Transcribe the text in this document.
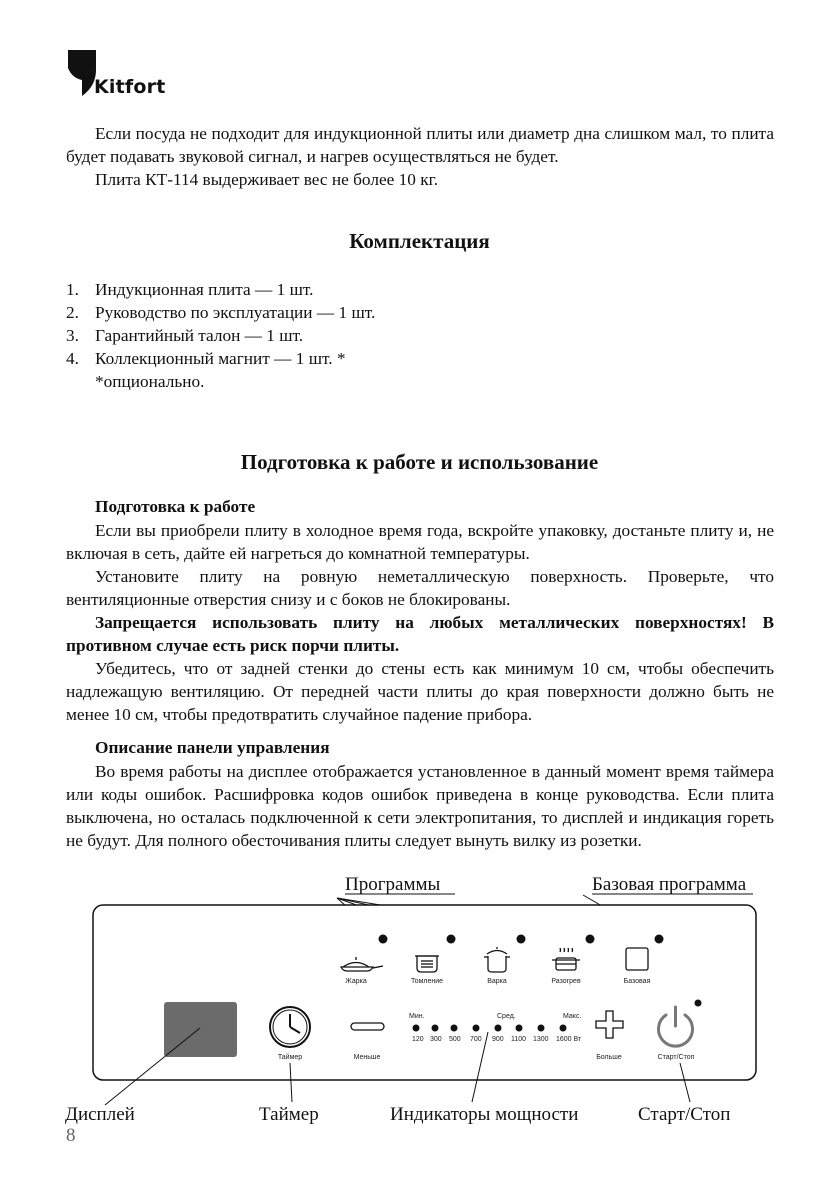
Kitfort

Если посуда не подходит для индукционной плиты или диаметр дна слишком мал, то плита будет подавать звуковой сигнал, и нагрев осуществляться не будет.

Плита КТ-114 выдерживает вес не более 10 кг.

Комплектация
1. Индукционная плита — 1 шт.
2. Руководство по эксплуатации — 1 шт.
3. Гарантийный талон — 1 шт.
4. Коллекционный магнит — 1 шт. *
*опционально.
Подготовка к работе и использование

Подготовка к работе

Если вы приобрели плиту в холодное время года, вскройте упаковку, достаньте плиту и, не включая в сеть, дайте ей нагреться до комнатной температуры.

Установите плиту на ровную неметаллическую поверхность. Проверьте, что вентиляционные отверстия снизу и с боков не блокированы.

Запрещается использовать плиту на любых металлических поверхностях! В противном случае есть риск порчи плиты.

Убедитесь, что от задней стенки до стены есть как минимум 10 см, чтобы обеспечить надлежащую вентиляцию. От передней части плиты до края поверхности должно быть не менее 10 см, чтобы предотвратить случайное падение прибора.

Описание панели управления

Во время работы на дисплее отображается установленное в данный момент время таймера или коды ошибок. Расшифровка кодов ошибок приведена в конце руководства. Если плита выключена, но осталась подключенной к сети электропитания, то дисплей и индикация гореть не будут. Для полного обесточивания плиты следует вынуть вилку из розетки.

Программы	Базовая программа
Жарка	Томление	Варка	Разогрев	Базовая
Таймер	Меньше
Мин.	Сред.	Макс.
120 300 500 700 900 1100 1300 1600 Вт
Больше	Старт/Стоп
Дисплей	Таймер	Индикаторы мощности	Старт/Стоп
8
